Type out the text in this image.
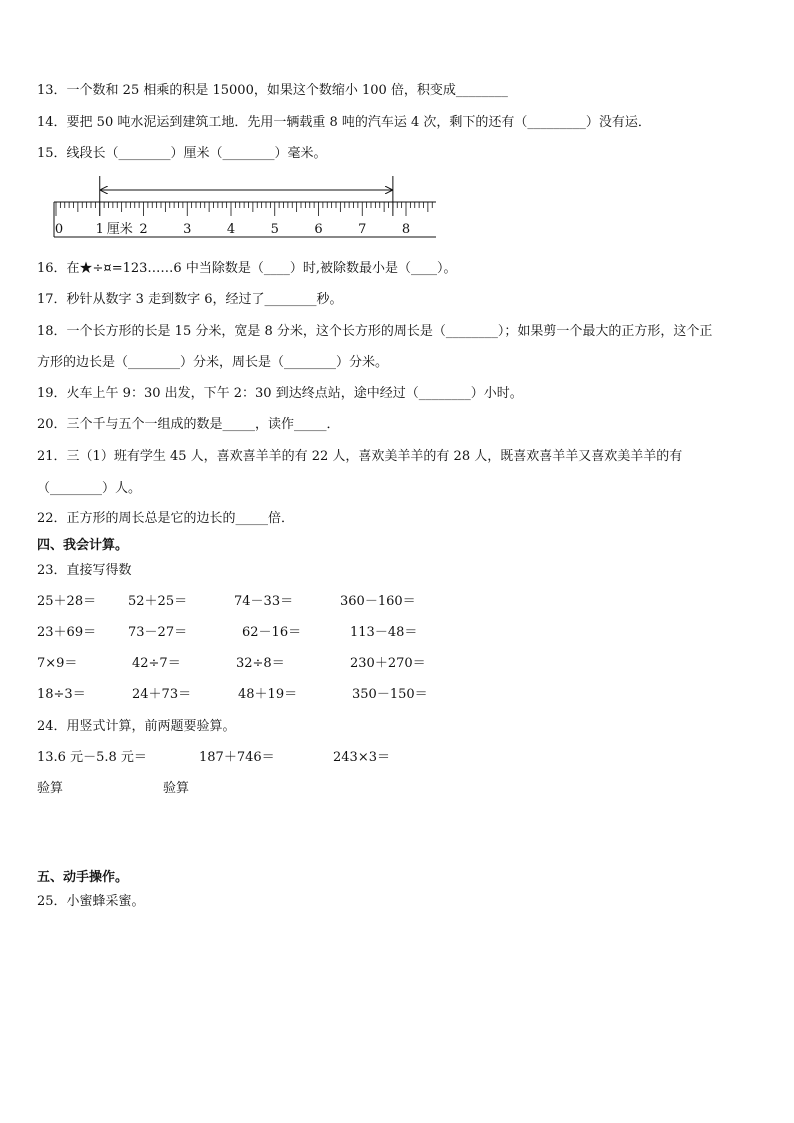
13．一个数和 25 相乘的积是 15000，如果这个数缩小 100 倍，积变成________
14．要把 50 吨水泥运到建筑工地．先用一辆载重 8 吨的汽车运 4 次，剩下的还有（_________）没有运．
15．线段长（________）厘米（________）毫米。
0 1	2	3	4	5	6	7	8
厘米
16．在★÷¤=123……6 中当除数是（____）时,被除数最小是（____）。
17．秒针从数字 3 走到数字 6，经过了________秒。
18．一个长方形的长是 15 分米，宽是 8 分米，这个长方形的周长是（________）；如果剪一个最大的正方形，这个正
方形的边长是（________）分米，周长是（________）分米。
19．火车上午 9：30 出发，下午 2：30 到达终点站，途中经过（________）小时。
20．三个千与五个一组成的数是_____，读作_____．
21．三（1）班有学生 45 人，喜欢喜羊羊的有 22 人，喜欢美羊羊的有 28 人，既喜欢喜羊羊又喜欢美羊羊的有
（________）人。
22．正方形的周长总是它的边长的_____倍．
四、我会计算。
23．直接写得数
25＋28＝ 52＋25＝	74－33＝	360－160＝
23＋69＝ 73－27＝	62－16＝	113－48＝
7×9＝	42÷7＝	32÷8＝	230＋270＝
18÷3＝	24＋73＝	48＋19＝	350－150＝
24．用竖式计算，前两题要验算。
13.6 元－5.8 元＝	187＋746＝	243×3＝
验算	验算
五、动手操作。
25．小蜜蜂采蜜。
